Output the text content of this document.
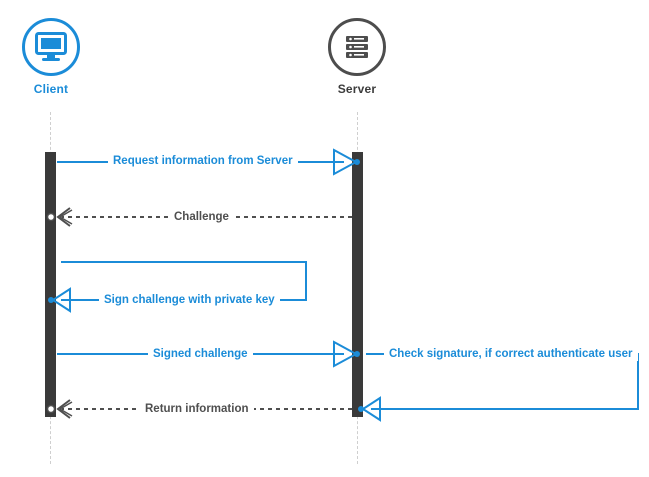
Client	Server
Request information from Server
Challenge
Sign challenge with private key
Signed challenge	Check signature, if correct authenticate user
Return information
